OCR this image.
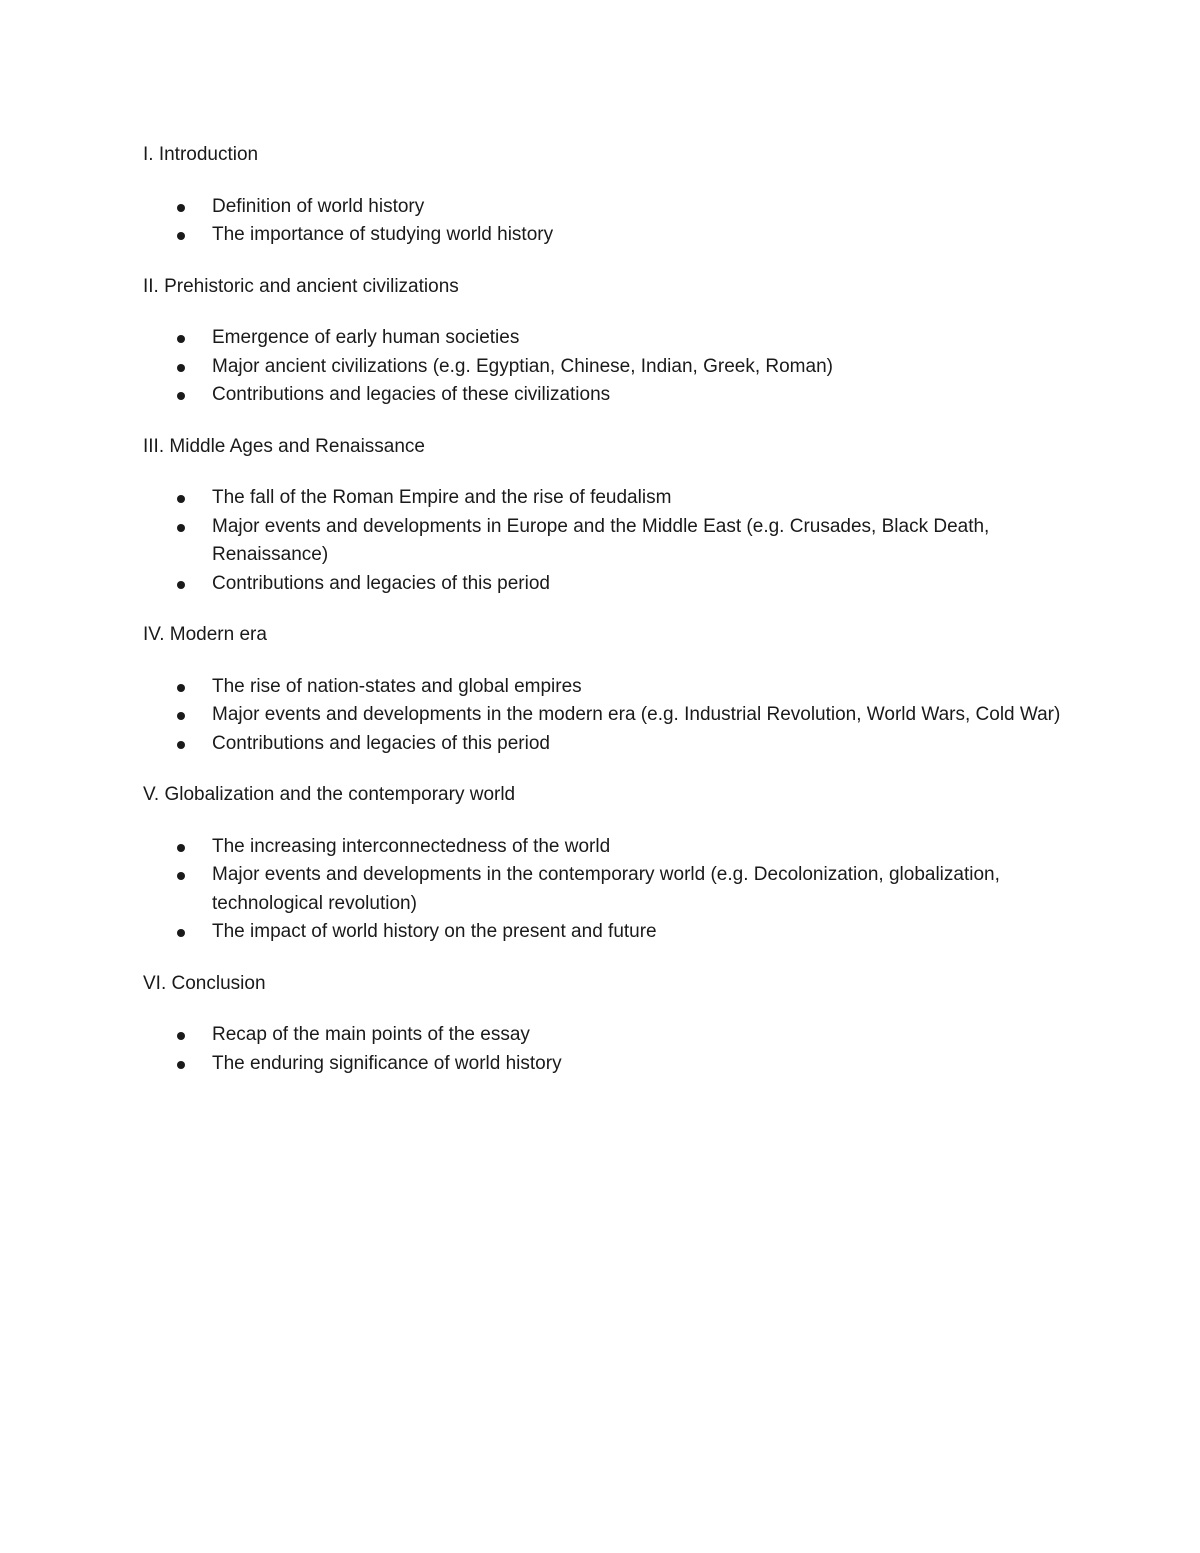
I. Introduction
Definition of world history
The importance of studying world history
II. Prehistoric and ancient civilizations
Emergence of early human societies
Major ancient civilizations (e.g. Egyptian, Chinese, Indian, Greek, Roman)
Contributions and legacies of these civilizations
III. Middle Ages and Renaissance
The fall of the Roman Empire and the rise of feudalism
Major events and developments in Europe and the Middle East (e.g. Crusades, Black Death, Renaissance)
Contributions and legacies of this period
IV. Modern era
The rise of nation-states and global empires
Major events and developments in the modern era (e.g. Industrial Revolution, World Wars, Cold War)
Contributions and legacies of this period
V. Globalization and the contemporary world
The increasing interconnectedness of the world
Major events and developments in the contemporary world (e.g. Decolonization, globalization, technological revolution)
The impact of world history on the present and future
VI. Conclusion
Recap of the main points of the essay
The enduring significance of world history
